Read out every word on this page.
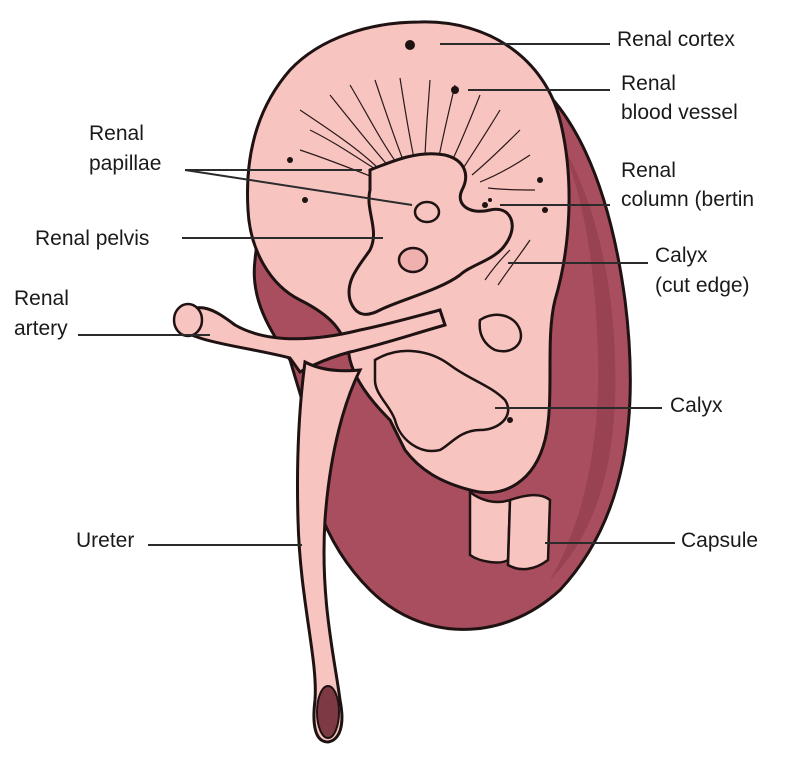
Renal cortex
Renal
blood vessel
Renal
column (bertin
Calyx
(cut edge)
Calyx
Capsule
Renal
papillae
Renal pelvis
Renal
artery
Ureter
